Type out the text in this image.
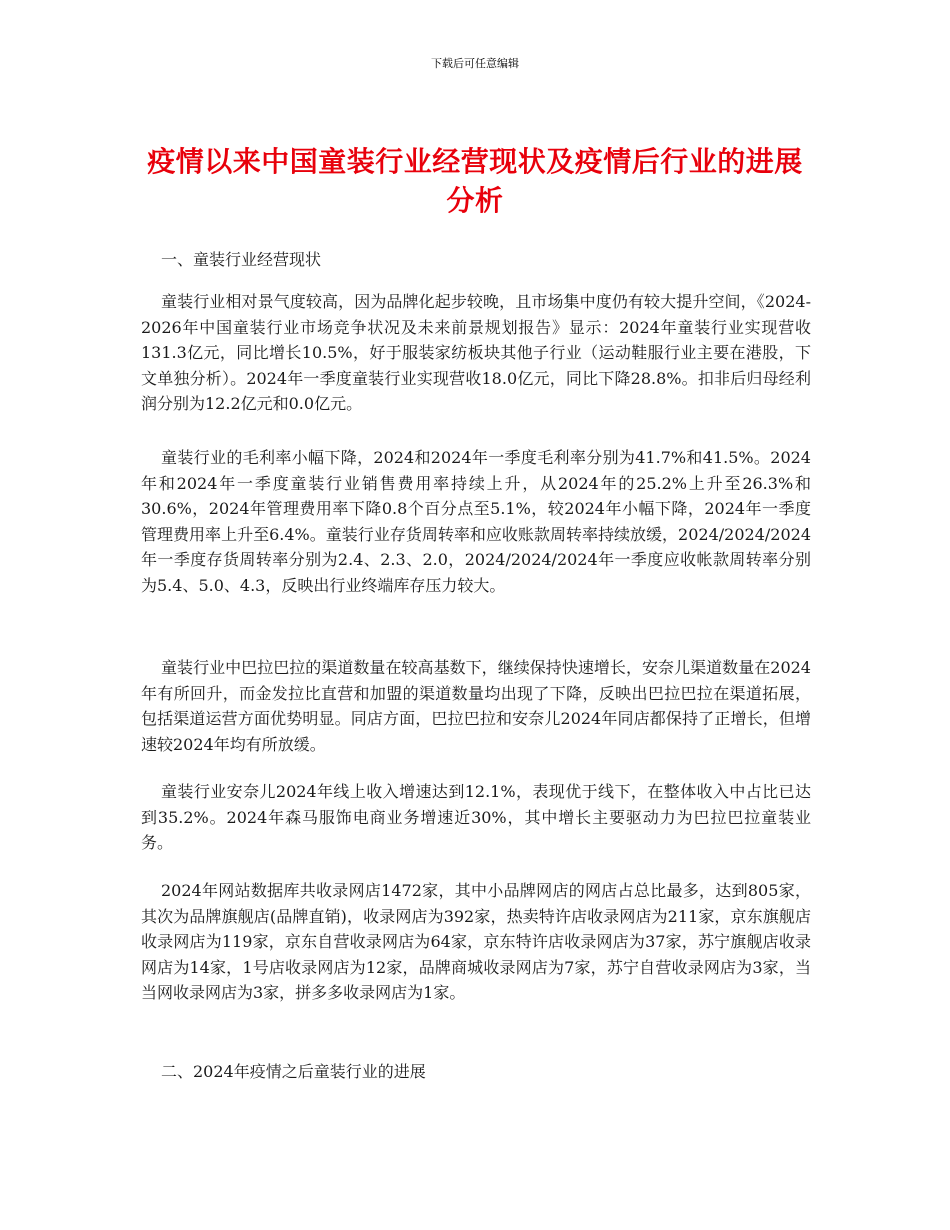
下载后可任意编辑
疫情以来中国童装行业经营现状及疫情后行业的进展分析
一、童装行业经营现状

童装行业相对景气度较高，因为品牌化起步较晚，且市场集中度仍有较大提升空间，《2024-2026年中国童装行业市场竞争状况及未来前景规划报告》显示：2024年童装行业实现营收131.3亿元，同比增长10.5%，好于服装家纺板块其他子行业（运动鞋服行业主要在港股，下文单独分析）。2024年一季度童装行业实现营收18.0亿元，同比下降28.8%。扣非后归母经利润分别为12.2亿元和0.0亿元。

童装行业的毛利率小幅下降，2024和2024年一季度毛利率分别为41.7%和41.5%。2024年和2024年一季度童装行业销售费用率持续上升，从2024年的25.2%上升至26.3%和30.6%，2024年管理费用率下降0.8个百分点至5.1%，较2024年小幅下降，2024年一季度管理费用率上升至6.4%。童装行业存货周转率和应收账款周转率持续放缓，2024/2024/2024年一季度存货周转率分别为2.4、2.3、2.0，2024/2024/2024年一季度应收帐款周转率分别为5.4、5.0、4.3，反映出行业终端库存压力较大。

童装行业中巴拉巴拉的渠道数量在较高基数下，继续保持快速增长，安奈儿渠道数量在2024年有所回升，而金发拉比直营和加盟的渠道数量均出现了下降，反映出巴拉巴拉在渠道拓展，包括渠道运营方面优势明显。同店方面，巴拉巴拉和安奈儿2024年同店都保持了正增长，但增速较2024年均有所放缓。

童装行业安奈儿2024年线上收入增速达到12.1%，表现优于线下，在整体收入中占比已达到35.2%。2024年森马服饰电商业务增速近30%，其中增长主要驱动力为巴拉巴拉童装业务。

2024年网站数据库共收录网店1472家，其中小品牌网店的网店占总比最多，达到805家，其次为品牌旗舰店(品牌直销)，收录网店为392家，热卖特许店收录网店为211家，京东旗舰店收录网店为119家，京东自营收录网店为64家，京东特许店收录网店为37家，苏宁旗舰店收录网店为14家，1号店收录网店为12家，品牌商城收录网店为7家，苏宁自营收录网店为3家，当当网收录网店为3家，拼多多收录网店为1家。

二、2024年疫情之后童装行业的进展
